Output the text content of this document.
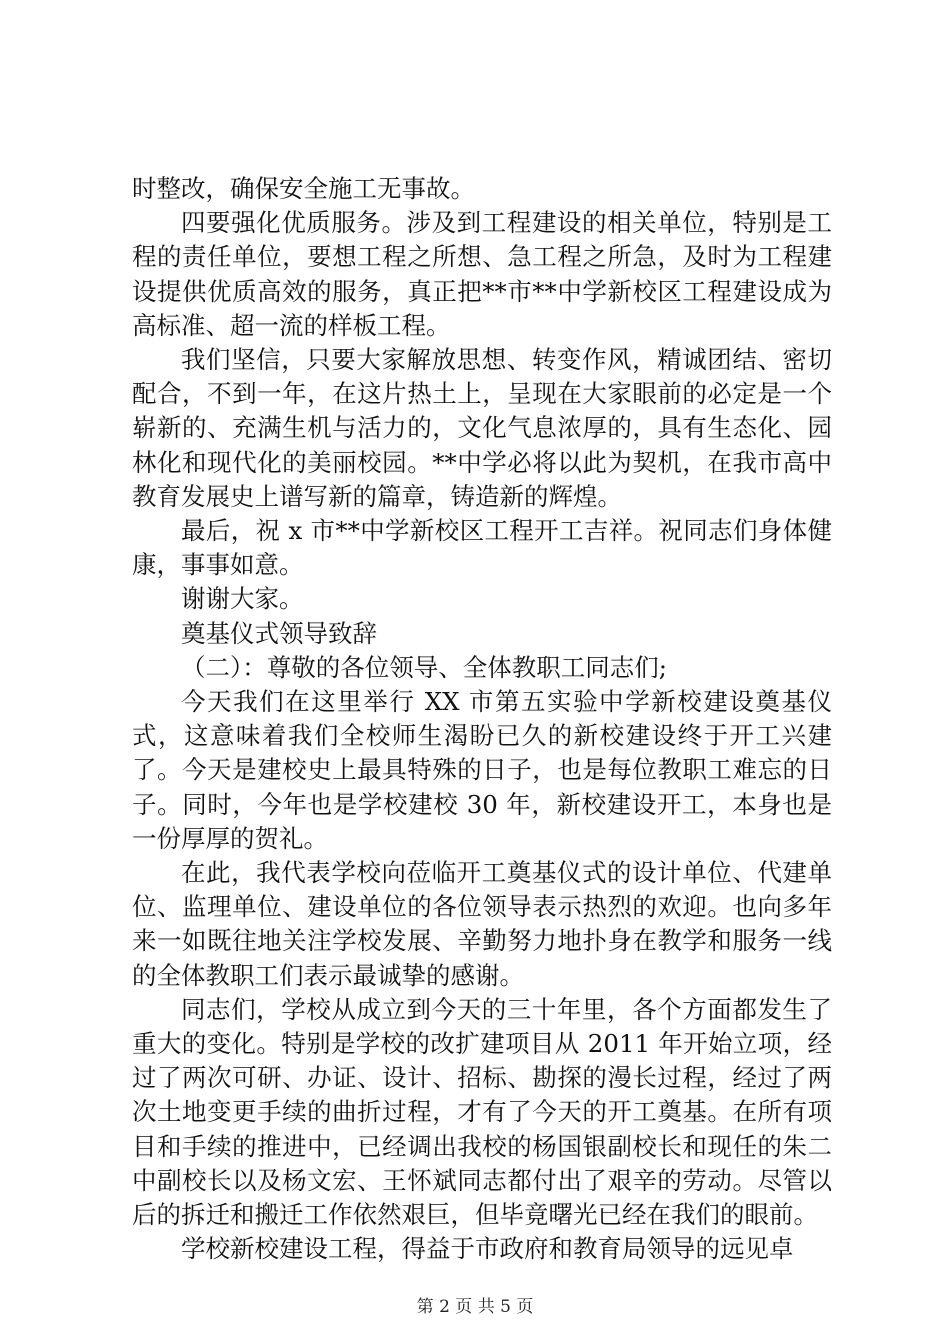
时整改，确保安全施工无事故。

四要强化优质服务。涉及到工程建设的相关单位，特别是工程的责任单位，要想工程之所想、急工程之所急，及时为工程建设提供优质高效的服务，真正把**市**中学新校区工程建设成为高标准、超一流的样板工程。

我们坚信，只要大家解放思想、转变作风，精诚团结、密切配合，不到一年，在这片热土上，呈现在大家眼前的必定是一个崭新的、充满生机与活力的，文化气息浓厚的，具有生态化、园林化和现代化的美丽校园。**中学必将以此为契机，在我市高中教育发展史上谱写新的篇章，铸造新的辉煌。

最后，祝 x 市**中学新校区工程开工吉祥。祝同志们身体健康，事事如意。

谢谢大家。

奠基仪式领导致辞

（二）：尊敬的各位领导、全体教职工同志们;

今天我们在这里举行 XX 市第五实验中学新校建设奠基仪式，这意味着我们全校师生渴盼已久的新校建设终于开工兴建了。今天是建校史上最具特殊的日子，也是每位教职工难忘的日子。同时，今年也是学校建校 30 年，新校建设开工，本身也是一份厚厚的贺礼。

在此，我代表学校向莅临开工奠基仪式的设计单位、代建单位、监理单位、建设单位的各位领导表示热烈的欢迎。也向多年来一如既往地关注学校发展、辛勤努力地扑身在教学和服务一线的全体教职工们表示最诚挚的感谢。

同志们，学校从成立到今天的三十年里，各个方面都发生了重大的变化。特别是学校的改扩建项目从 2011 年开始立项，经过了两次可研、办证、设计、招标、勘探的漫长过程，经过了两次土地变更手续的曲折过程，才有了今天的开工奠基。在所有项目和手续的推进中，已经调出我校的杨国银副校长和现任的朱二中副校长以及杨文宏、王怀斌同志都付出了艰辛的劳动。尽管以后的拆迁和搬迁工作依然艰巨，但毕竟曙光已经在我们的眼前。

学校新校建设工程，得益于市政府和教育局领导的远见卓

第 2 页 共 5 页
